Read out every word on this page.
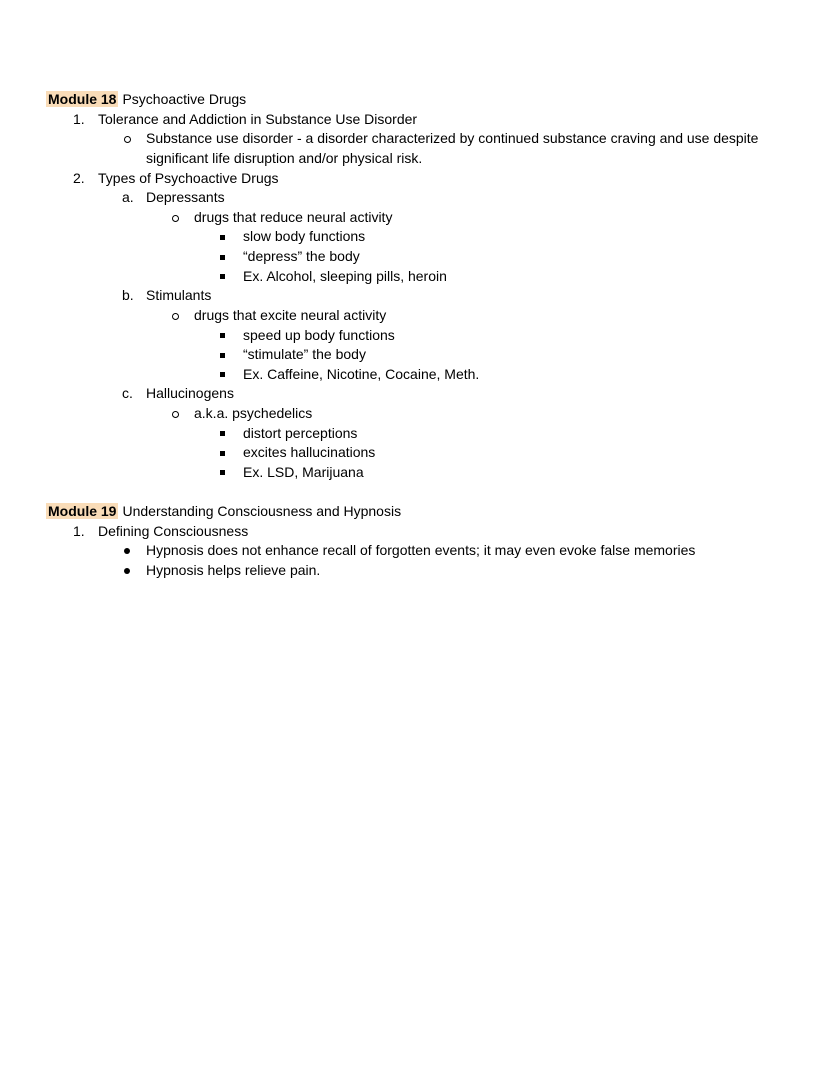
Module 18 Psychoactive Drugs
1. Tolerance and Addiction in Substance Use Disorder
Substance use disorder - a disorder characterized by continued substance craving and use despite significant life disruption and/or physical risk.
2. Types of Psychoactive Drugs
a. Depressants
drugs that reduce neural activity
slow body functions
“depress” the body
Ex. Alcohol, sleeping pills, heroin
b. Stimulants
drugs that excite neural activity
speed up body functions
“stimulate” the body
Ex. Caffeine, Nicotine, Cocaine, Meth.
c. Hallucinogens
a.k.a. psychedelics
distort perceptions
excites hallucinations
Ex. LSD, Marijuana
Module 19 Understanding Consciousness and Hypnosis
1. Defining Consciousness
Hypnosis does not enhance recall of forgotten events; it may even evoke false memories
Hypnosis helps relieve pain.
